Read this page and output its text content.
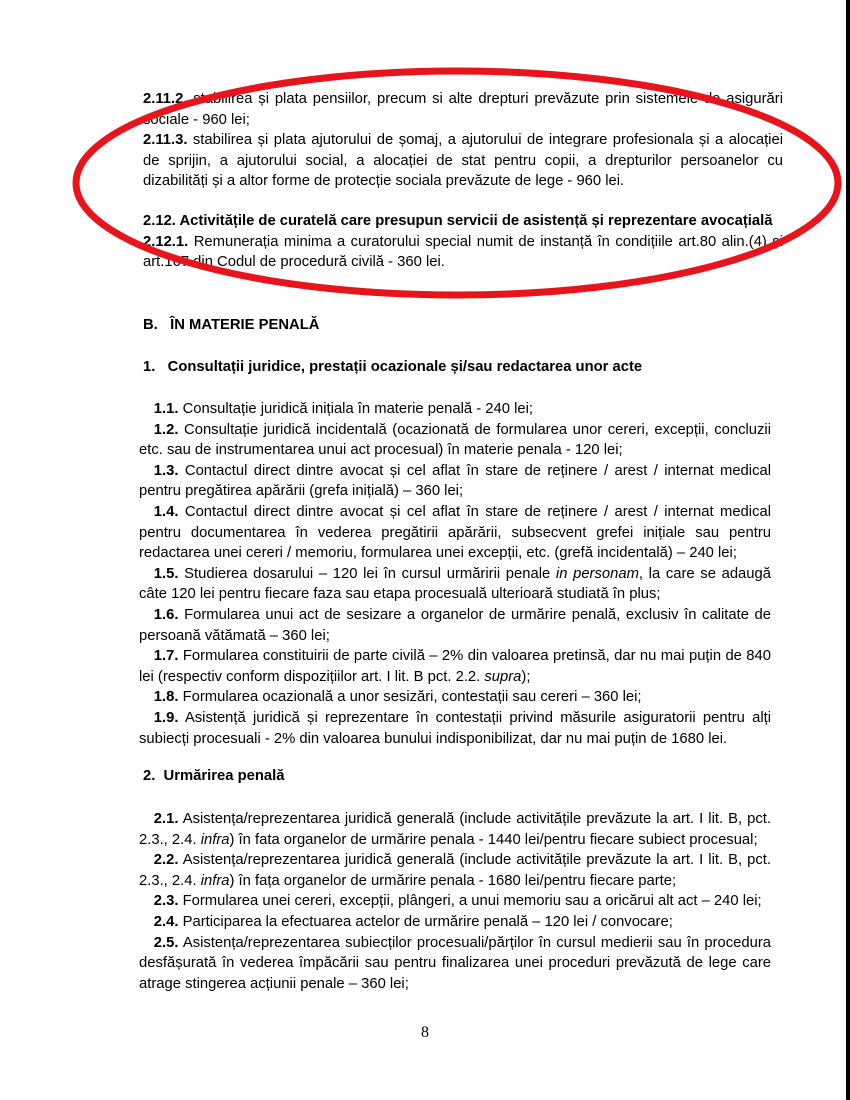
2.11.2. stabilirea și plata pensiilor, precum si alte drepturi prevăzute prin sistemele de asigurări sociale - 960 lei;

2.11.3. stabilirea și plata ajutorului de șomaj, a ajutorului de integrare profesionala și a alocației de sprijin, a ajutorului social, a alocației de stat pentru copii, a drepturilor persoanelor cu dizabilități și a altor forme de protecție sociala prevăzute de lege - 960 lei.

2.12. Activitățile de curatelă care presupun servicii de asistență și reprezentare avocațială

2.12.1. Remunerația minima a curatorului special numit de instanță în condițiile art.80 alin.(4) și art.167 din Codul de procedură civilă - 360 lei.

B.   ÎN MATERIE PENALĂ
1.   Consultații juridice, prestații ocazionale și/sau redactarea unor acte

 1.1. Consultație juridică inițiala în materie penală - 240 lei;

 1.2. Consultație juridică incidentală (ocazionată de formularea unor cereri, excepții, concluzii etc. sau de instrumentarea unui act procesual) în materie penala - 120 lei;

 1.3. Contactul direct dintre avocat și cel aflat în stare de reținere / arest / internat medical pentru pregătirea apărării (grefa inițială) – 360 lei;

 1.4. Contactul direct dintre avocat și cel aflat în stare de reținere / arest / internat medical pentru documentarea în vederea pregătirii apărării, subsecvent grefei inițiale sau pentru redactarea unei cereri / memoriu, formularea unei excepții, etc. (grefă incidentală) – 240 lei;

 1.5. Studierea dosarului – 120 lei în cursul urmăririi penale in personam, la care se adaugă câte 120 lei pentru fiecare faza sau etapa procesuală ulterioară studiată în plus;

 1.6. Formularea unui act de sesizare a organelor de urmărire penală, exclusiv în calitate de persoană vătămată – 360 lei;

 1.7. Formularea constituirii de parte civilă – 2% din valoarea pretinsă, dar nu mai puțin de 840 lei (respectiv conform dispozițiilor art. I lit. B pct. 2.2. supra);

 1.8. Formularea ocazională a unor sesizări, contestații sau cereri – 360 lei;

 1.9. Asistență juridică și reprezentare în contestații privind măsurile asiguratorii pentru alți subiecți procesuali - 2% din valoarea bunului indisponibilizat, dar nu mai puțin de 1680 lei.

2.  Urmărirea penală

 2.1. Asistența/reprezentarea juridică generală (include activitățile prevăzute la art. I lit. B, pct. 2.3., 2.4. infra) în fata organelor de urmărire penala - 1440 lei/pentru fiecare subiect procesual;

 2.2. Asistența/reprezentarea juridică generală (include activitățile prevăzute la art. I lit. B, pct. 2.3., 2.4. infra) în fața organelor de urmărire penala - 1680 lei/pentru fiecare parte;

 2.3. Formularea unei cereri, excepții, plângeri, a unui memoriu sau a oricărui alt act – 240 lei;

 2.4. Participarea la efectuarea actelor de urmărire penală – 120 lei / convocare;

 2.5. Asistența/reprezentarea subiecților procesuali/părților în cursul medierii sau în procedura desfășurată în vederea împăcării sau pentru finalizarea unei proceduri prevăzută de lege care atrage stingerea acțiunii penale – 360 lei;

8
